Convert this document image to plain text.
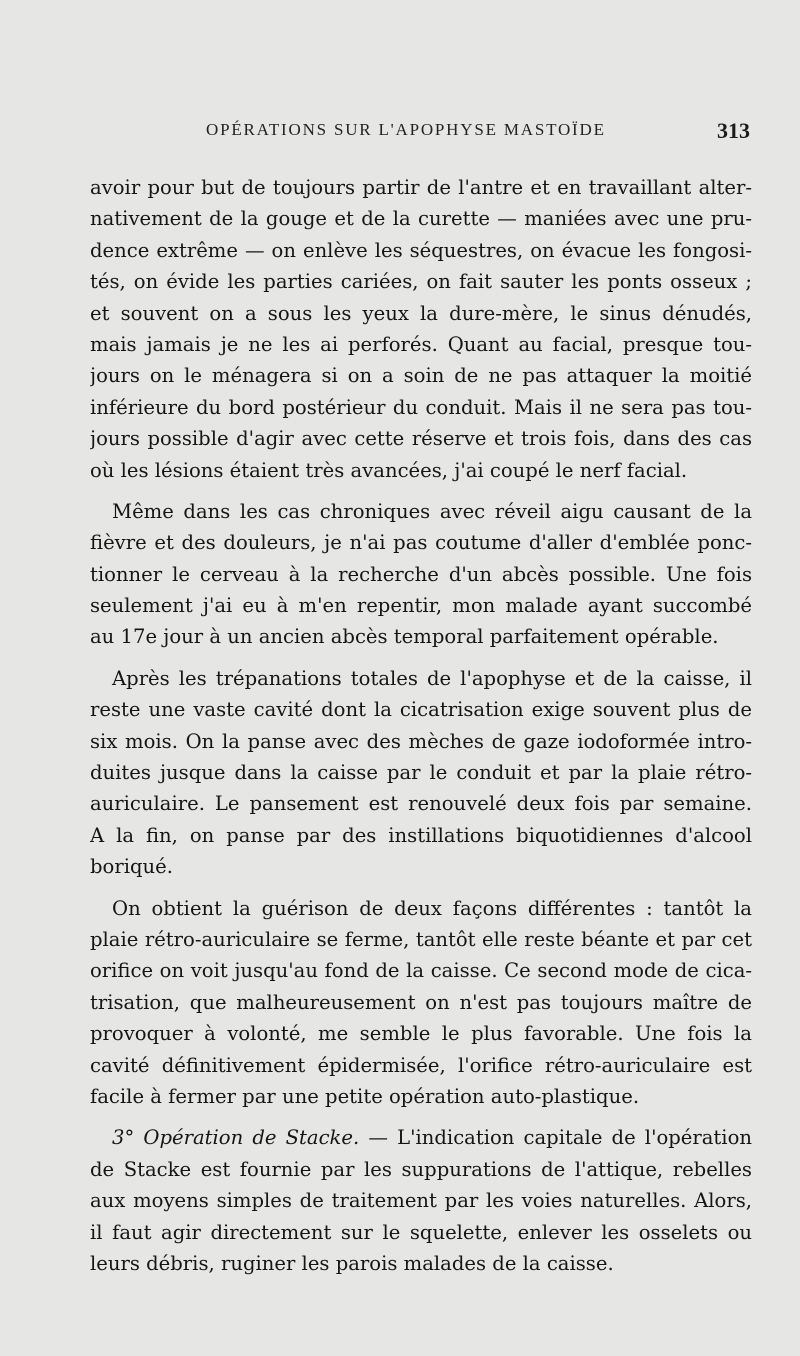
OPÉRATIONS SUR L'APOPHYSE MASTOÏDE	313
avoir pour but de toujours partir de l'antre et en travaillant alter-
nativement de la gouge et de la curette — maniées avec une pru-
dence extrême — on enlève les séquestres, on évacue les fongosi-
tés, on évide les parties cariées, on fait sauter les ponts osseux ;
et souvent on a sous les yeux la dure-mère, le sinus dénudés,
mais jamais je ne les ai perforés. Quant au facial, presque tou-
jours on le ménagera si on a soin de ne pas attaquer la moitié
inférieure du bord postérieur du conduit. Mais il ne sera pas tou-
jours possible d'agir avec cette réserve et trois fois, dans des cas
où les lésions étaient très avancées, j'ai coupé le nerf facial.
Même dans les cas chroniques avec réveil aigu causant de la
fièvre et des douleurs, je n'ai pas coutume d'aller d'emblée ponc-
tionner le cerveau à la recherche d'un abcès possible. Une fois
seulement j'ai eu à m'en repentir, mon malade ayant succombé
au 17e jour à un ancien abcès temporal parfaitement opérable.
Après les trépanations totales de l'apophyse et de la caisse, il
reste une vaste cavité dont la cicatrisation exige souvent plus de
six mois. On la panse avec des mèches de gaze iodoformée intro-
duites jusque dans la caisse par le conduit et par la plaie rétro-
auriculaire. Le pansement est renouvelé deux fois par semaine.
A la fin, on panse par des instillations biquotidiennes d'alcool
boriqué.
On obtient la guérison de deux façons différentes : tantôt la
plaie rétro-auriculaire se ferme, tantôt elle reste béante et par cet
orifice on voit jusqu'au fond de la caisse. Ce second mode de cica-
trisation, que malheureusement on n'est pas toujours maître de
provoquer à volonté, me semble le plus favorable. Une fois la
cavité définitivement épidermisée, l'orifice rétro-auriculaire est
facile à fermer par une petite opération auto-plastique.
3° Opération de Stacke. — L'indication capitale de l'opération
de Stacke est fournie par les suppurations de l'attique, rebelles
aux moyens simples de traitement par les voies naturelles. Alors,
il faut agir directement sur le squelette, enlever les osselets ou
leurs débris, ruginer les parois malades de la caisse.
